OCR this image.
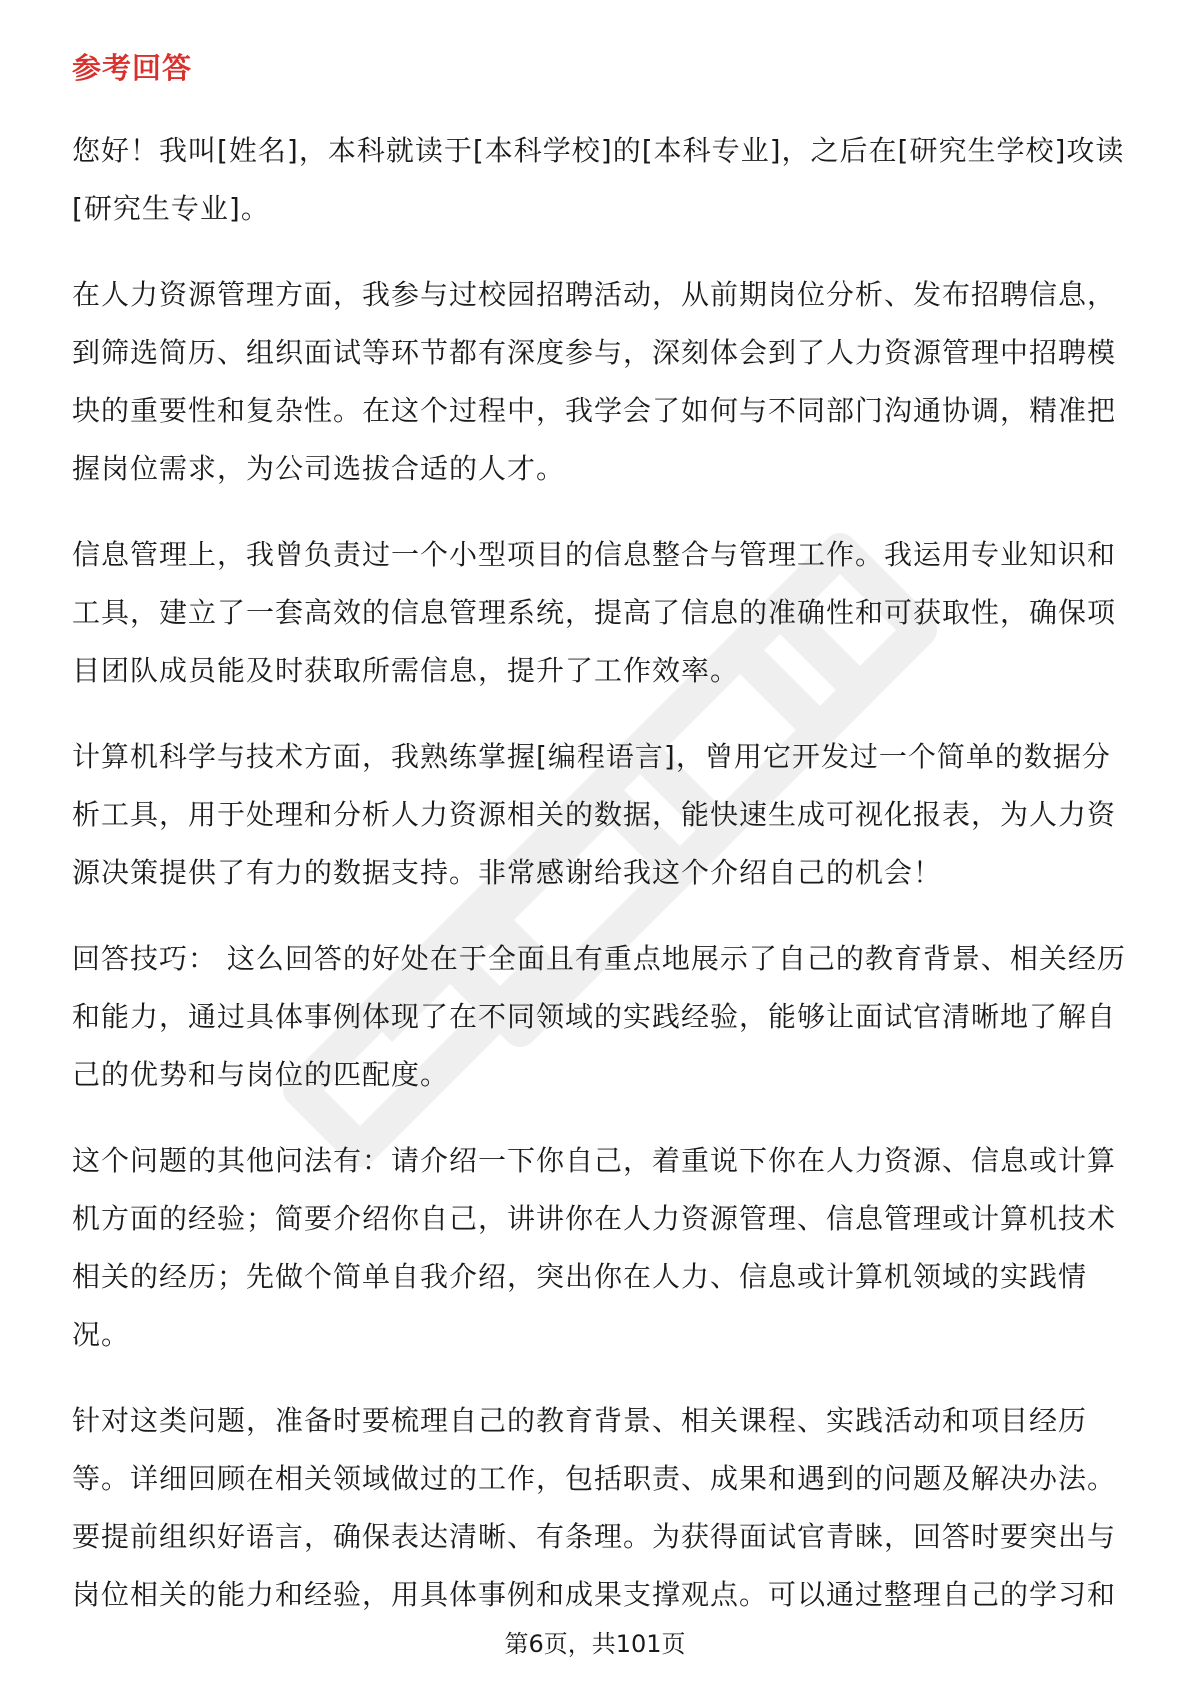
参考回答
您好！我叫[姓名]，本科就读于[本科学校]的[本科专业]，之后在[研究生学校]攻读
[研究生专业]。
在人力资源管理方面，我参与过校园招聘活动，从前期岗位分析、发布招聘信息，
到筛选简历、组织面试等环节都有深度参与，深刻体会到了人力资源管理中招聘模
块的重要性和复杂性。在这个过程中，我学会了如何与不同部门沟通协调，精准把
握岗位需求，为公司选拔合适的人才。
信息管理上，我曾负责过一个小型项目的信息整合与管理工作。我运用专业知识和
工具，建立了一套高效的信息管理系统，提高了信息的准确性和可获取性，确保项
目团队成员能及时获取所需信息，提升了工作效率。
计算机科学与技术方面，我熟练掌握[编程语言]，曾用它开发过一个简单的数据分
析工具，用于处理和分析人力资源相关的数据，能快速生成可视化报表，为人力资
源决策提供了有力的数据支持。非常感谢给我这个介绍自己的机会！
回答技巧： 这么回答的好处在于全面且有重点地展示了自己的教育背景、相关经历
和能力，通过具体事例体现了在不同领域的实践经验，能够让面试官清晰地了解自
己的优势和与岗位的匹配度。
这个问题的其他问法有：请介绍一下你自己，着重说下你在人力资源、信息或计算
机方面的经验；简要介绍你自己，讲讲你在人力资源管理、信息管理或计算机技术
相关的经历；先做个简单自我介绍，突出你在人力、信息或计算机领域的实践情
况。
针对这类问题，准备时要梳理自己的教育背景、相关课程、实践活动和项目经历
等。详细回顾在相关领域做过的工作，包括职责、成果和遇到的问题及解决办法。
要提前组织好语言，确保表达清晰、有条理。为获得面试官青睐，回答时要突出与
岗位相关的能力和经验，用具体事例和成果支撑观点。可以通过整理自己的学习和
第6页，共101页
